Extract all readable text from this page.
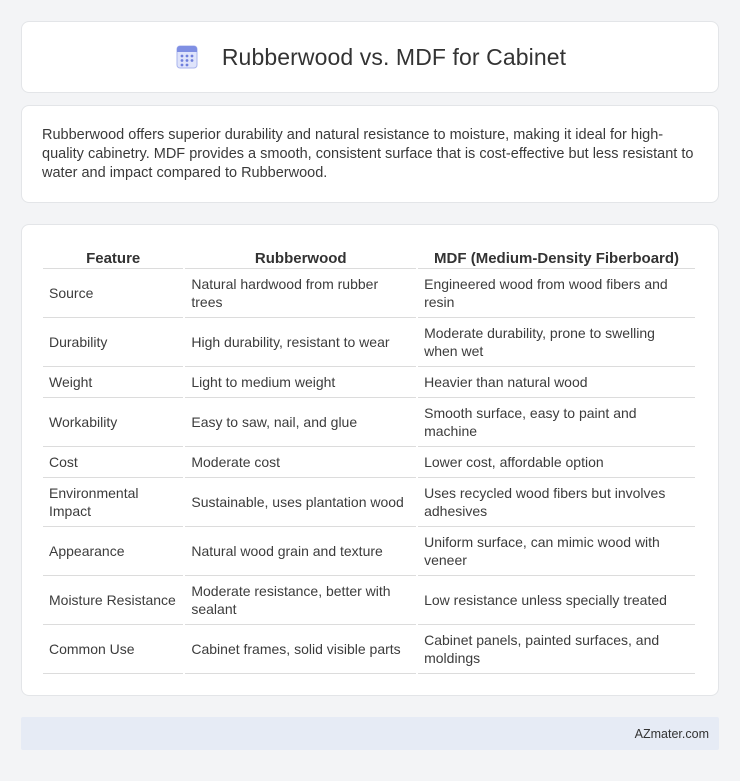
Rubberwood vs. MDF for Cabinet

Rubberwood offers superior durability and natural resistance to moisture, making it ideal for high-quality cabinetry. MDF provides a smooth, consistent surface that is cost-effective but less resistant to water and impact compared to Rubberwood.

Feature	Rubberwood	MDF (Medium-Density Fiberboard)
Source	Natural hardwood from rubber trees	Engineered wood from wood fibers and resin
Durability	High durability, resistant to wear	Moderate durability, prone to swelling when wet
Weight	Light to medium weight	Heavier than natural wood
Workability	Easy to saw, nail, and glue	Smooth surface, easy to paint and machine
Cost	Moderate cost	Lower cost, affordable option
Environmental Impact	Sustainable, uses plantation wood	Uses recycled wood fibers but involves adhesives
Appearance	Natural wood grain and texture	Uniform surface, can mimic wood with veneer
Moisture Resistance	Moderate resistance, better with sealant	Low resistance unless specially treated
Common Use	Cabinet frames, solid visible parts	Cabinet panels, painted surfaces, and moldings
AZmater.com
